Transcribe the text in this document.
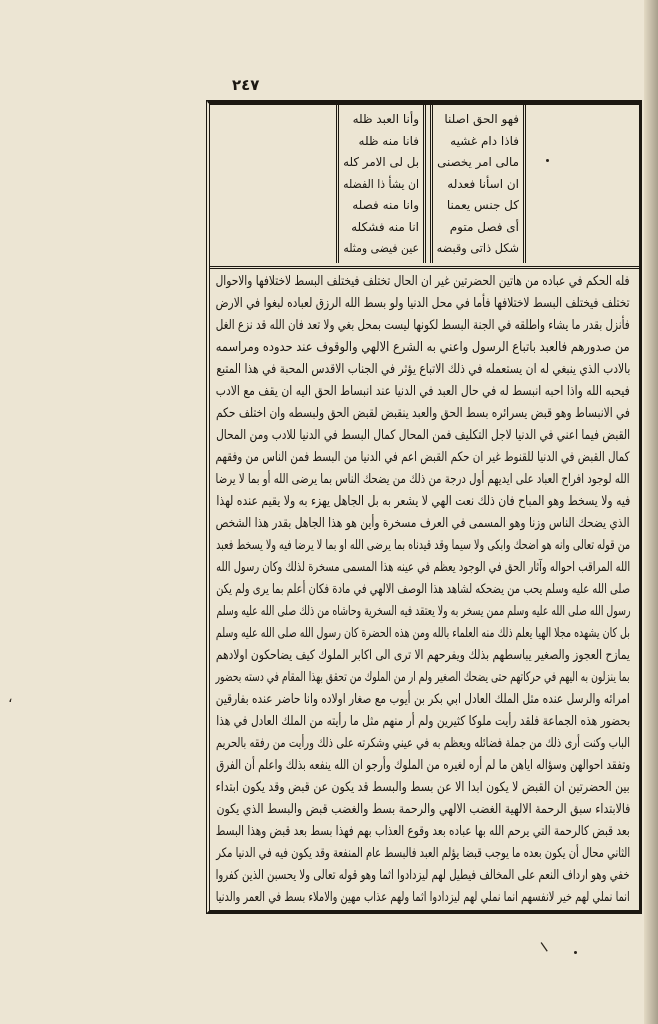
٢٤٧
وأنا العبد ظله
فانا منه ظله
بل لى الامر كله
ان يشأ ذا الفضله
وانا منه فصله
انا منه فشكله
عين فيضى ومثله
فهو الحق اصلنا
فاذا دام غشيه
مالى امر يخصنى
ان اسأنا فعدله
كل جنس يعمنا
أى فصل متوم
شكل ذاتى وقبضه
فله الحكم في عباده من هاتين الحضرتين غير ان الحال تختلف فيختلف البسط لاختلافها والاحوال
تختلف فيختلف البسط لاختلافها فأما في محل الدنيا ولو بسط الله الرزق لعباده لبغوا في الارض
فأنزل بقدر ما يشاء واطلقه في الجنة البسط لكونها ليست بمحل بغي ولا تعد فان الله قد نزع الغل
من صدورهم فالعبد باتباع الرسول واعني به الشرع الالهي والوقوف عند حدوده ومراسمه
بالادب الذي ينبغي له ان يستعمله في ذلك الاتباع يؤثر في الجناب الاقدس المحبة في هذا المتبع
فيحبه الله واذا احبه انبسط له في حال العبد في الدنيا عند انبساط الحق اليه ان يقف مع الادب
في الانبساط وهو قبض يسرائره بسط الحق والعبد ينقبض لقبض الحق ولبسطه وان اختلف حكم
القبض فيما اعني في الدنيا لاجل التكليف فمن المحال كمال البسط في الدنيا للادب ومن المحال
كمال القبض في الدنيا للقنوط غير ان حكم القبض اعم في الدنيا من البسط فمن الناس من وفقهم
الله لوجود افراح العباد على ايديهم أول درجة من ذلك من يضحك الناس بما يرضى الله أو بما لا يرضا
فيه ولا يسخط وهو المباح فان ذلك نعت الهي لا يشعر به بل الجاهل يهزء به ولا يقيم عنده لهذا
الذي يضحك الناس وزنا وهو المسمى في العرف مسخرة وأين هو هذا الجاهل بقدر هذا الشخص
من قوله تعالى وانه هو اضحك وابكى ولا سيما وقد قيدناه بما يرضى الله او بما لا يرضا فيه ولا يسخط فعبد
الله المراقب احواله وآثار الحق في الوجود يعظم في عينه هذا المسمى مسخرة لذلك وكان رسول الله
صلى الله عليه وسلم يحب من يضحكه لشاهد هذا الوصف الالهي في مادة فكان أعلم بما يرى ولم يكن
رسول الله صلى الله عليه وسلم ممن يسخر به ولا يعتقد فيه السخرية وحاشاه من ذلك صلى الله عليه وسلم
بل كان يشهده مجلا الهيا يعلم ذلك منه العلماء بالله ومن هذه الحضرة كان رسول الله صلى الله عليه وسلم
يمازح العجوز والصغير يباسطهم بذلك ويفرحهم الا ترى الى اكابر الملوك كيف يضاحكون اولادهم
بما ينزلون به اليهم في حركاتهم حتى يضحك الصغير ولم ار من الملوك من تحقق بهذا المقام في دسته بحضور
امرائه والرسل عنده مثل الملك العادل ابي بكر بن أيوب مع صغار اولاده وانا حاضر عنده بفارقين
بحضور هذه الجماعة فلقد رأيت ملوكا كثيرين ولم أر منهم مثل ما رأيته من الملك العادل في هذا
الباب وكنت أرى ذلك من جملة فضائله ويعظم به في عيني وشكرته على ذلك ورأيت من رفقه بالحريم
وتفقد احوالهن وسؤاله اياهن ما لم أره لغيره من الملوك وأرجو ان الله ينفعه بذلك واعلم أن الفرق
بين الحضرتين ان القبض لا يكون ابدا الا عن بسط والبسط قد يكون عن قبض وقد يكون ابتداء
فالابتداء سبق الرحمة الالهية الغضب الالهي والرحمة بسط والغضب قبض والبسط الذي يكون
بعد قبض كالرحمة التي يرحم الله بها عباده بعد وقوع العذاب بهم فهذا بسط بعد قبض وهذا البسط
الثاني محال أن يكون بعده ما يوجب قبضا يؤلم العبد فالبسط عام المنفعة وقد يكون فيه في الدنيا مكر
خفي وهو ارداف النعم على المخالف فيطيل لهم ليزدادوا اثما وهو قوله تعالى ولا يحسبن الذين كفروا
انما نملي لهم خير لانفسهم انما نملي لهم ليزدادوا اثما ولهم عذاب مهين والاملاء بسط في العمر والدنيا
،
ا
